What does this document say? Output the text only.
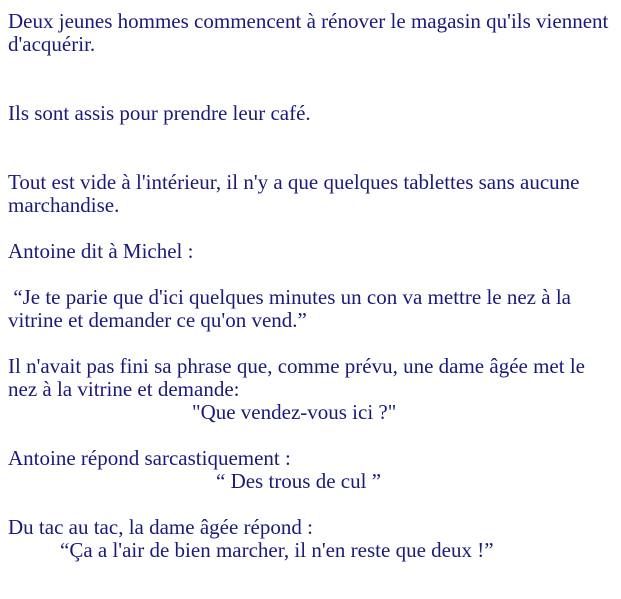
Deux jeunes hommes commencent à rénover le magasin qu'ils viennent d'acquérir.

Ils sont assis pour prendre leur café.

Tout est vide à l'intérieur, il n'y a que quelques tablettes sans aucune marchandise.

Antoine dit à Michel :

“Je te parie que d'ici quelques minutes un con va mettre le nez à la vitrine et demander ce qu'on vend.”

Il n'avait pas fini sa phrase que, comme prévu, une dame âgée met le nez à la vitrine et demande:

"Que vendez-vous ici ?"

Antoine répond sarcastiquement :

“ Des trous de cul ”

Du tac au tac, la dame âgée répond :

“Ça a l'air de bien marcher, il n'en reste que deux !”
